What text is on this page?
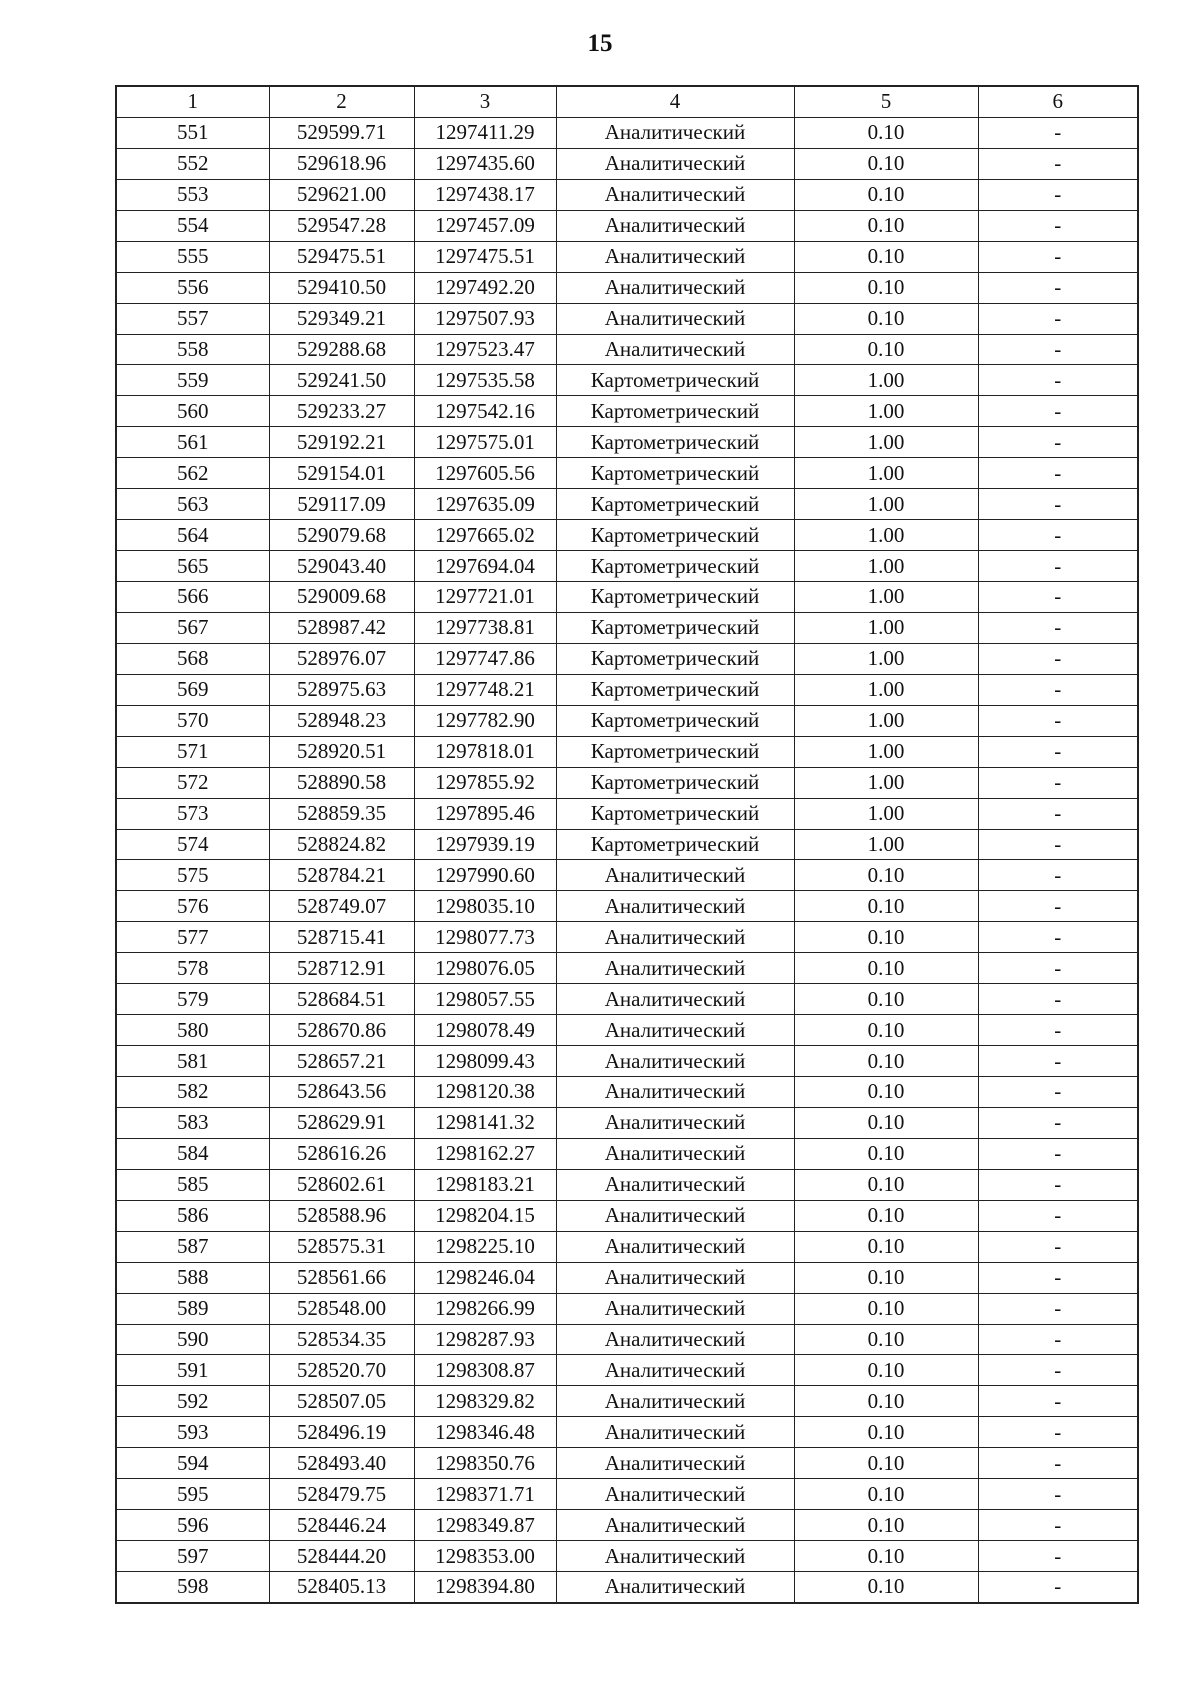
15
1	2	3	4	5	6
551	529599.71	1297411.29	Аналитический	0.10	-
552	529618.96	1297435.60	Аналитический	0.10	-
553	529621.00	1297438.17	Аналитический	0.10	-
554	529547.28	1297457.09	Аналитический	0.10	-
555	529475.51	1297475.51	Аналитический	0.10	-
556	529410.50	1297492.20	Аналитический	0.10	-
557	529349.21	1297507.93	Аналитический	0.10	-
558	529288.68	1297523.47	Аналитический	0.10	-
559	529241.50	1297535.58	Картометрический	1.00	-
560	529233.27	1297542.16	Картометрический	1.00	-
561	529192.21	1297575.01	Картометрический	1.00	-
562	529154.01	1297605.56	Картометрический	1.00	-
563	529117.09	1297635.09	Картометрический	1.00	-
564	529079.68	1297665.02	Картометрический	1.00	-
565	529043.40	1297694.04	Картометрический	1.00	-
566	529009.68	1297721.01	Картометрический	1.00	-
567	528987.42	1297738.81	Картометрический	1.00	-
568	528976.07	1297747.86	Картометрический	1.00	-
569	528975.63	1297748.21	Картометрический	1.00	-
570	528948.23	1297782.90	Картометрический	1.00	-
571	528920.51	1297818.01	Картометрический	1.00	-
572	528890.58	1297855.92	Картометрический	1.00	-
573	528859.35	1297895.46	Картометрический	1.00	-
574	528824.82	1297939.19	Картометрический	1.00	-
575	528784.21	1297990.60	Аналитический	0.10	-
576	528749.07	1298035.10	Аналитический	0.10	-
577	528715.41	1298077.73	Аналитический	0.10	-
578	528712.91	1298076.05	Аналитический	0.10	-
579	528684.51	1298057.55	Аналитический	0.10	-
580	528670.86	1298078.49	Аналитический	0.10	-
581	528657.21	1298099.43	Аналитический	0.10	-
582	528643.56	1298120.38	Аналитический	0.10	-
583	528629.91	1298141.32	Аналитический	0.10	-
584	528616.26	1298162.27	Аналитический	0.10	-
585	528602.61	1298183.21	Аналитический	0.10	-
586	528588.96	1298204.15	Аналитический	0.10	-
587	528575.31	1298225.10	Аналитический	0.10	-
588	528561.66	1298246.04	Аналитический	0.10	-
589	528548.00	1298266.99	Аналитический	0.10	-
590	528534.35	1298287.93	Аналитический	0.10	-
591	528520.70	1298308.87	Аналитический	0.10	-
592	528507.05	1298329.82	Аналитический	0.10	-
593	528496.19	1298346.48	Аналитический	0.10	-
594	528493.40	1298350.76	Аналитический	0.10	-
595	528479.75	1298371.71	Аналитический	0.10	-
596	528446.24	1298349.87	Аналитический	0.10	-
597	528444.20	1298353.00	Аналитический	0.10	-
598	528405.13	1298394.80	Аналитический	0.10	-
